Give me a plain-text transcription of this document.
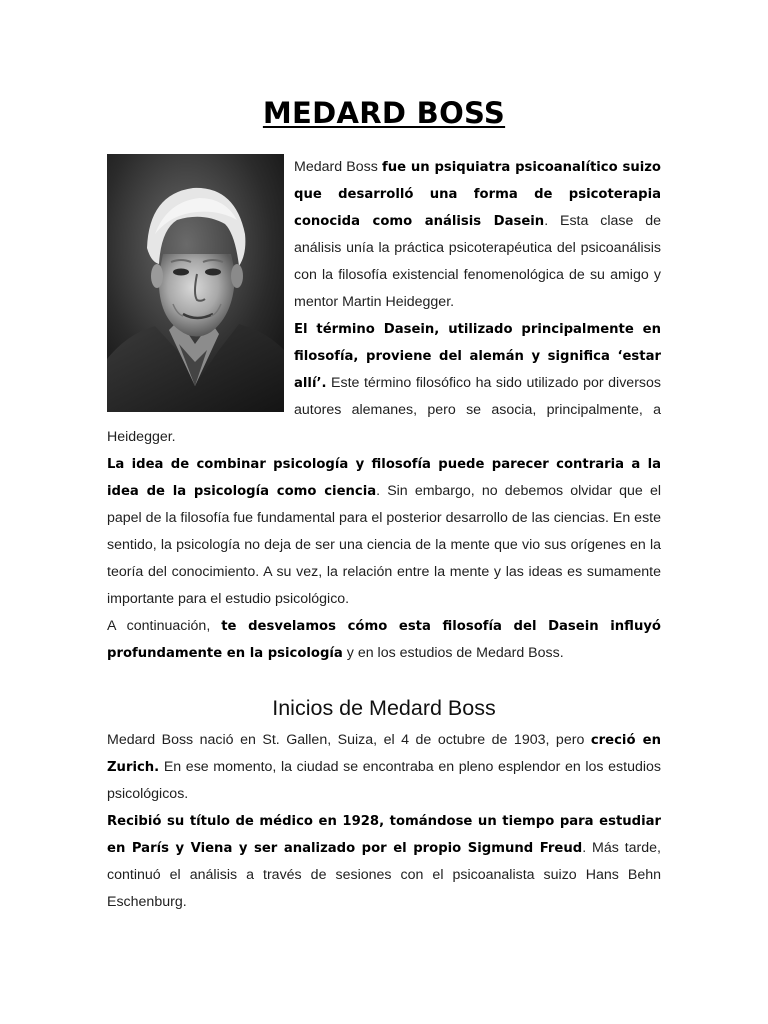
MEDARD BOSS

Medard Boss fue un psiquiatra psicoanalítico suizo que desarrolló una forma de psicoterapia conocida como análisis Dasein. Esta clase de análisis unía la práctica psicoterapéutica del psicoanálisis con la filosofía existencial fenomenológica de su amigo y mentor Martin Heidegger.

El término Dasein, utilizado principalmente en filosofía, proviene del alemán y significa ‘estar allí’. Este término filosófico ha sido utilizado por diversos autores alemanes, pero se asocia, principalmente, a Heidegger.

La idea de combinar psicología y filosofía puede parecer contraria a la idea de la psicología como ciencia. Sin embargo, no debemos olvidar que el papel de la filosofía fue fundamental para el posterior desarrollo de las ciencias. En este sentido, la psicología no deja de ser una ciencia de la mente que vio sus orígenes en la teoría del conocimiento. A su vez, la relación entre la mente y las ideas es sumamente importante para el estudio psicológico.

A continuación, te desvelamos cómo esta filosofía del Dasein influyó profundamente en la psicología y en los estudios de Medard Boss.

Inicios de Medard Boss

Medard Boss nació en St. Gallen, Suiza, el 4 de octubre de 1903, pero creció en Zurich. En ese momento, la ciudad se encontraba en pleno esplendor en los estudios psicológicos.

Recibió su título de médico en 1928, tomándose un tiempo para estudiar en París y Viena y ser analizado por el propio Sigmund Freud. Más tarde, continuó el análisis a través de sesiones con el psicoanalista suizo Hans Behn Eschenburg.
